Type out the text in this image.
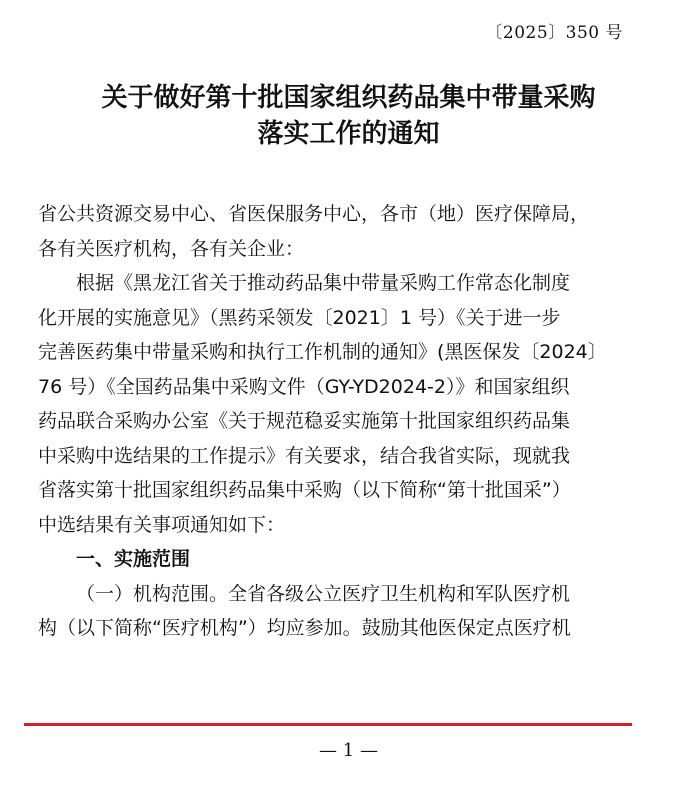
〔2025〕350 号
关于做好第十批国家组织药品集中带量采购
落实工作的通知
省公共资源交易中心、省医保服务中心，各市（地）医疗保障局，
各有关医疗机构，各有关企业：
根据《黑龙江省关于推动药品集中带量采购工作常态化制度
化开展的实施意见》（黑药采领发〔2021〕1 号）《关于进一步
完善医药集中带量采购和执行工作机制的通知》(黑医保发〔2024〕
76 号）《全国药品集中采购文件（GY-YD2024-2）》和国家组织
药品联合采购办公室《关于规范稳妥实施第十批国家组织药品集
中采购中选结果的工作提示》有关要求，结合我省实际，现就我
省落实第十批国家组织药品集中采购（以下简称“第十批国采”）
中选结果有关事项通知如下：
一、实施范围
（一）机构范围。全省各级公立医疗卫生机构和军队医疗机
构（以下简称“医疗机构”）均应参加。鼓励其他医保定点医疗机
— 1 —
